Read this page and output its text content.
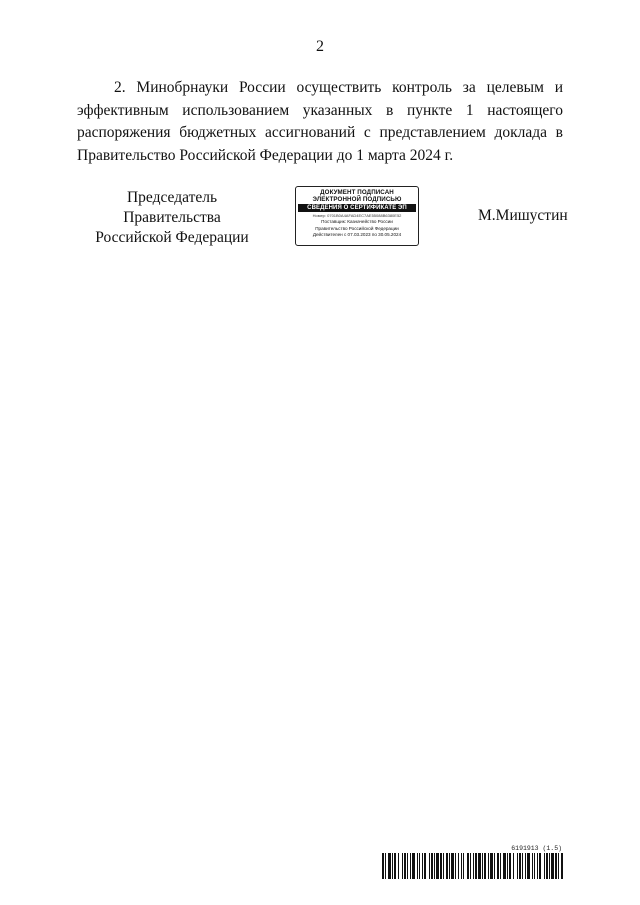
2

2. Минобрнауки России осуществить контроль за целевым и эффективным использованием указанных в пункте 1 настоящего распоряжения бюджетных ассигнований с представлением доклада в Правительство Российской Федерации до 1 марта 2024 г.

Председатель Правительства
Российской Федерации
ДОКУМЕНТ ПОДПИСАН
ЭЛЕКТРОННОЙ ПОДПИСЬЮ
СВЕДЕНИЯ О СЕРТИФИКАТЕ ЭП
Номер: 0701B0A4AFAD4EC7AE55088B6380E52
Поставщик: Казначейство России
Правительство Российской Федерации
Действителен с 07.03.2023 по 30.05.2024
М.Мишустин
6191913 (1.5)
